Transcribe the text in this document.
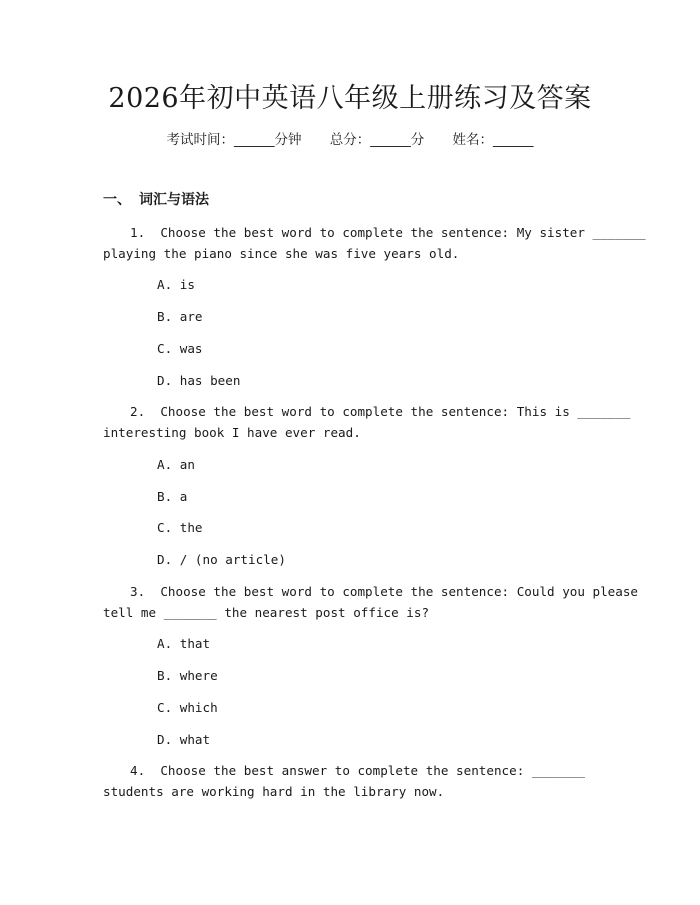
2026年初中英语八年级上册练习及答案
考试时间：______分钟 总分：______分 姓名：______
一、 词汇与语法
1. Choose the best word to complete the sentence: My sister _______
playing the piano since she was five years old.
A. is
B. are
C. was
D. has been
2. Choose the best word to complete the sentence: This is _______
interesting book I have ever read.
A. an
B. a
C. the
D. / (no article)
3. Choose the best word to complete the sentence: Could you please
tell me _______ the nearest post office is?
A. that
B. where
C. which
D. what
4. Choose the best answer to complete the sentence: _______
students are working hard in the library now.
